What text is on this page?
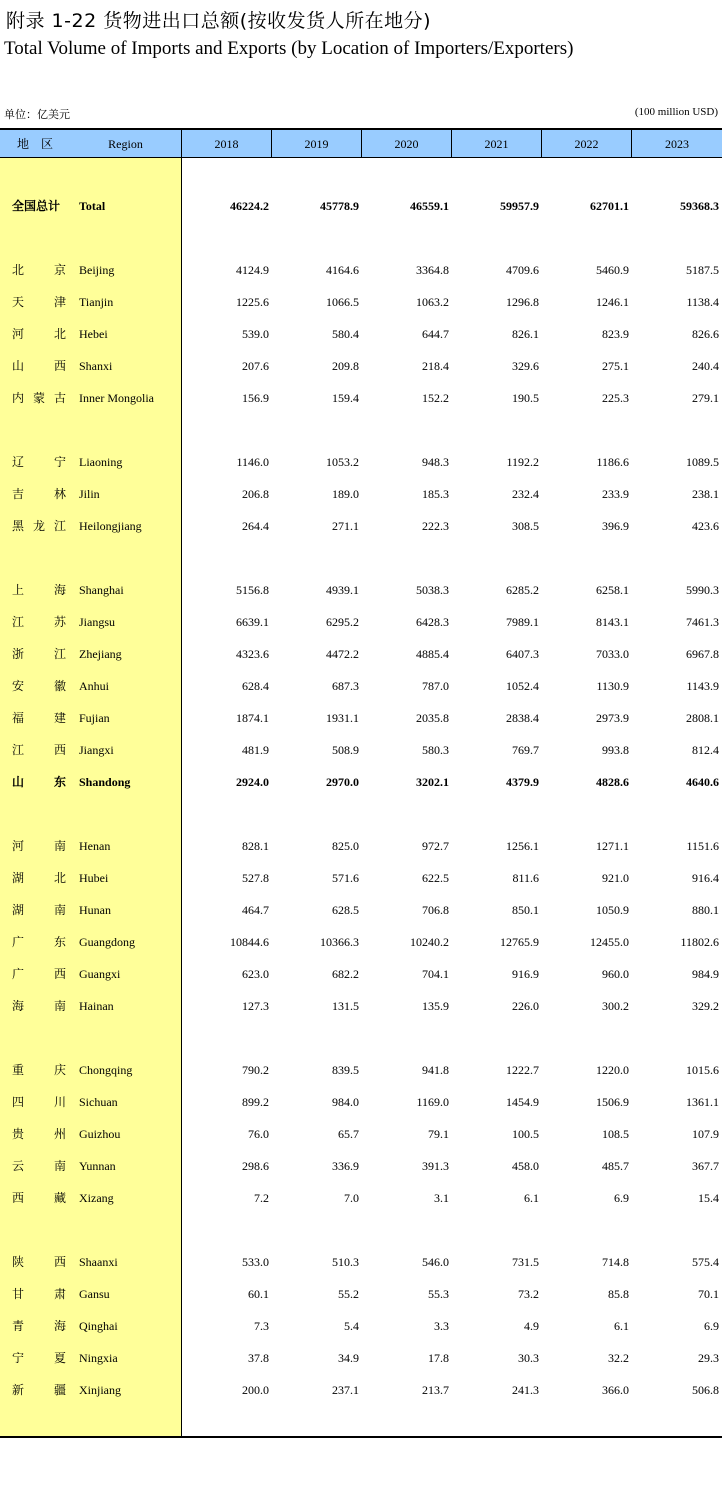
附录 1-22 货物进出口总额(按收发货人所在地分)
Total Volume of Imports and Exports (by Location of Importers/Exporters)
单位：亿美元	(100 million USD)
地　区	Region	2018	2019	2020	2021	2022	2023
全国总计	Total	46224.2	45778.9	46559.1	59957.9	62701.1	59368.3
北 京 Beijing	4124.9	4164.6	3364.8	4709.6	5460.9	5187.5
天 津 Tianjin	1225.6	1066.5	1063.2	1296.8	1246.1	1138.4
河 北 Hebei	539.0	580.4	644.7	826.1	823.9	826.6
山 西 Shanxi	207.6	209.8	218.4	329.6	275.1	240.4
内 蒙 古 Inner Mongolia	156.9	159.4	152.2	190.5	225.3	279.1
辽 宁 Liaoning	1146.0	1053.2	948.3	1192.2	1186.6	1089.5
吉 林 Jilin	206.8	189.0	185.3	232.4	233.9	238.1
黑 龙 江 Heilongjiang	264.4	271.1	222.3	308.5	396.9	423.6
上 海 Shanghai	5156.8	4939.1	5038.3	6285.2	6258.1	5990.3
江 苏 Jiangsu	6639.1	6295.2	6428.3	7989.1	8143.1	7461.3
浙 江 Zhejiang	4323.6	4472.2	4885.4	6407.3	7033.0	6967.8
安 徽 Anhui	628.4	687.3	787.0	1052.4	1130.9	1143.9
福 建 Fujian	1874.1	1931.1	2035.8	2838.4	2973.9	2808.1
江 西 Jiangxi	481.9	508.9	580.3	769.7	993.8	812.4
山 东 Shandong	2924.0	2970.0	3202.1	4379.9	4828.6	4640.6
河 南 Henan	828.1	825.0	972.7	1256.1	1271.1	1151.6
湖 北 Hubei	527.8	571.6	622.5	811.6	921.0	916.4
湖 南 Hunan	464.7	628.5	706.8	850.1	1050.9	880.1
广 东 Guangdong	10844.6	10366.3	10240.2	12765.9	12455.0	11802.6
广 西 Guangxi	623.0	682.2	704.1	916.9	960.0	984.9
海 南 Hainan	127.3	131.5	135.9	226.0	300.2	329.2
重 庆 Chongqing	790.2	839.5	941.8	1222.7	1220.0	1015.6
四 川 Sichuan	899.2	984.0	1169.0	1454.9	1506.9	1361.1
贵 州 Guizhou	76.0	65.7	79.1	100.5	108.5	107.9
云 南 Yunnan	298.6	336.9	391.3	458.0	485.7	367.7
西 藏 Xizang	7.2	7.0	3.1	6.1	6.9	15.4
陕 西 Shaanxi	533.0	510.3	546.0	731.5	714.8	575.4
甘 肃 Gansu	60.1	55.2	55.3	73.2	85.8	70.1
青 海 Qinghai	7.3	5.4	3.3	4.9	6.1	6.9
宁 夏 Ningxia	37.8	34.9	17.8	30.3	32.2	29.3
新 疆 Xinjiang	200.0	237.1	213.7	241.3	366.0	506.8
